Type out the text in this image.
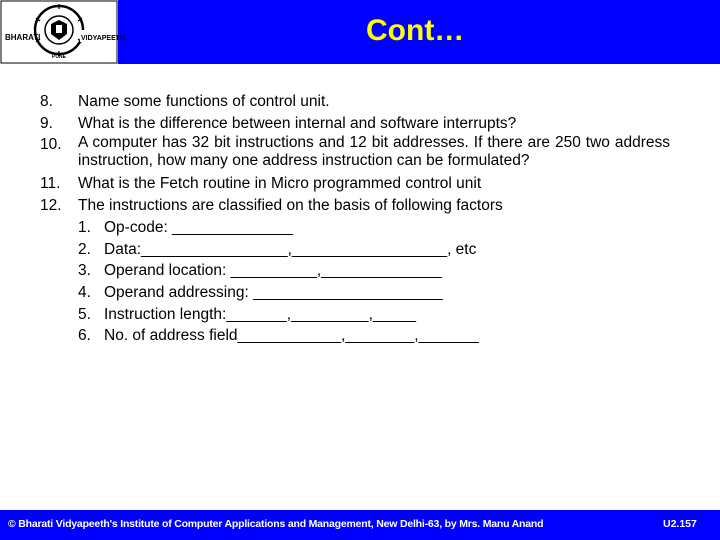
BHARATI	VIDYAPEETH
PUNE
Cont…
8.	Name some functions of control unit.
9.	What is the difference between internal and software interrupts?
10.	A computer has 32 bit instructions and 12 bit addresses. If there are 250 two address instruction, how many one address instruction can be formulated?
11.	What is the Fetch routine in Micro programmed control unit
12.	The instructions are classified on the basis of following factors
1. Op-code: ______________
2. Data:_________________,__________________, etc
3. Operand location: __________,______________
4. Operand addressing: ______________________
5. Instruction length:_______,_________,_____
6. No. of address field____________,________,_______
© Bharati Vidyapeeth's Institute of Computer Applications and Management, New Delhi-63, by Mrs. Manu Anand	U2.157
